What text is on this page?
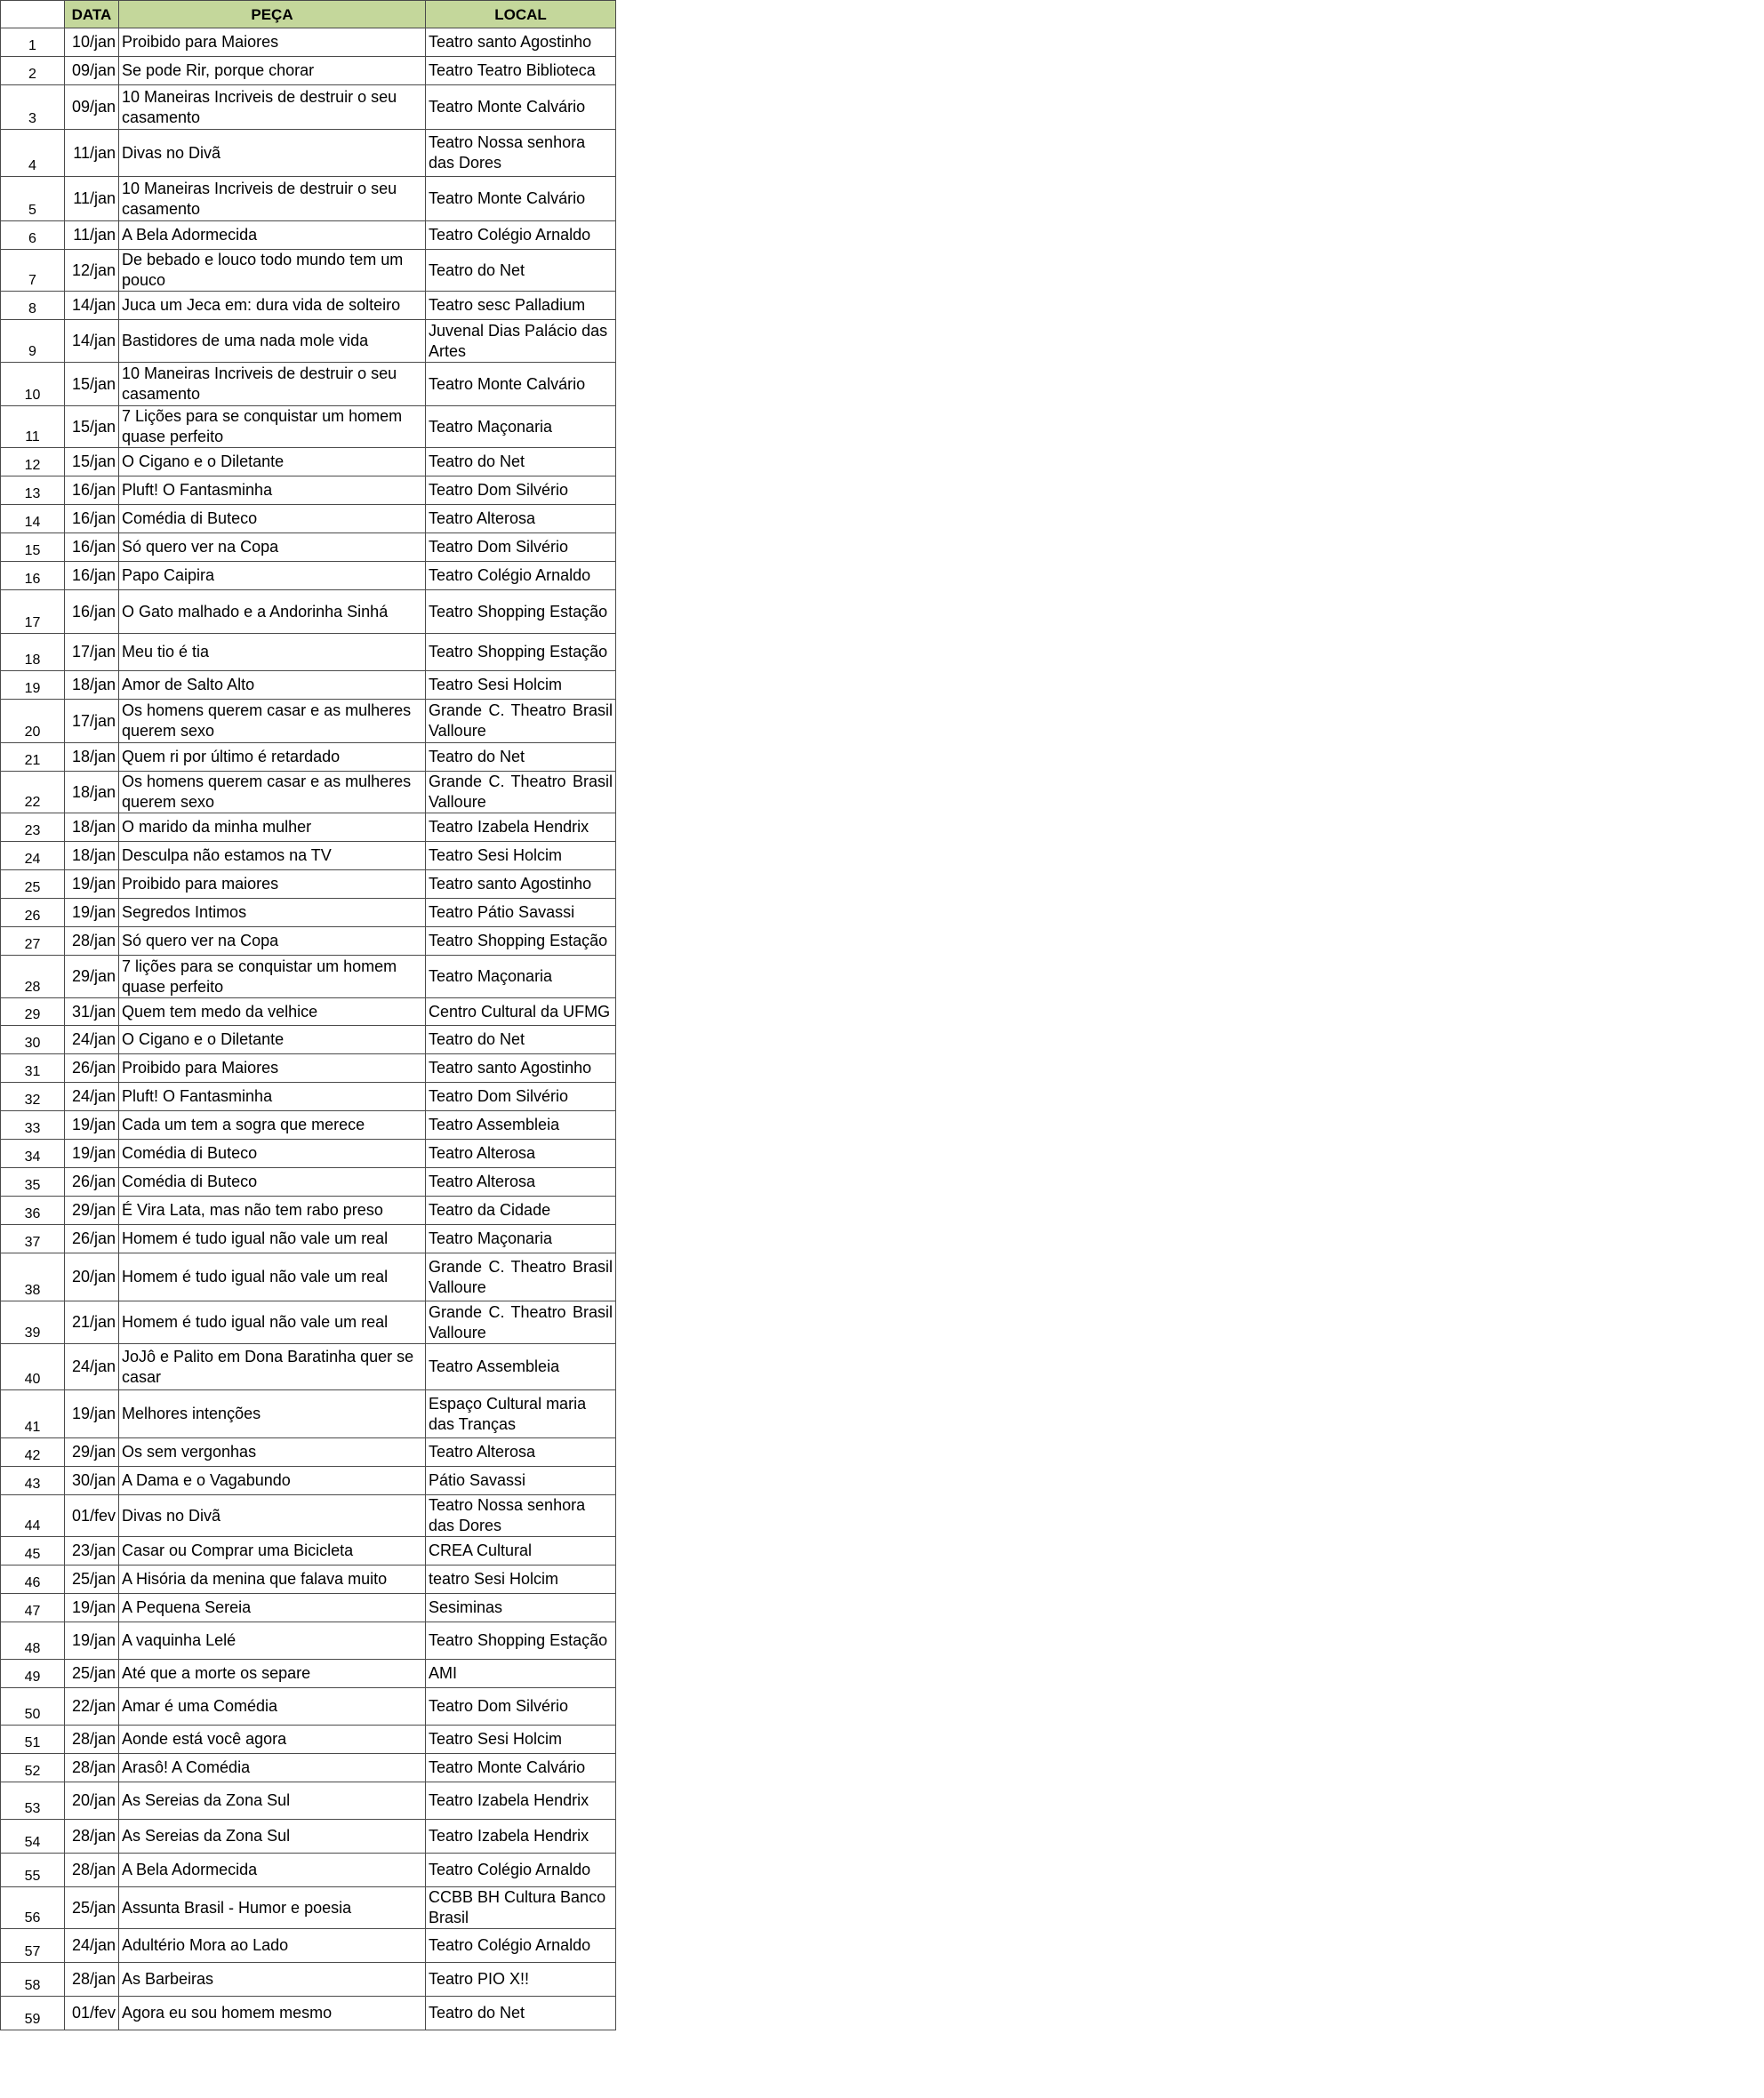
	DATA	PEÇA	LOCAL
1	10/jan	Proibido para Maiores	Teatro santo Agostinho
2	09/jan	Se pode Rir, porque chorar	Teatro Teatro Biblioteca
3	09/jan	10 Maneiras Incriveis de destruir o seu casamento	Teatro Monte Calvário
4	11/jan	Divas no Divã	Teatro Nossa senhora das Dores
5	11/jan	10 Maneiras Incriveis de destruir o seu casamento	Teatro Monte Calvário
6	11/jan	A Bela Adormecida	Teatro Colégio Arnaldo
7	12/jan	De bebado e louco todo mundo tem um pouco	Teatro do Net
8	14/jan	Juca um Jeca em: dura vida de solteiro	Teatro sesc Palladium
9	14/jan	Bastidores de uma nada mole vida	Juvenal Dias Palácio das Artes
10	15/jan	10 Maneiras Incriveis de destruir o seu casamento	Teatro Monte Calvário
11	15/jan	7 Lições para se conquistar um homem quase perfeito	Teatro Maçonaria
12	15/jan	O Cigano e o Diletante	Teatro do Net
13	16/jan	Pluft! O Fantasminha	Teatro Dom Silvério
14	16/jan	Comédia di Buteco	Teatro Alterosa
15	16/jan	Só quero ver na Copa	Teatro Dom Silvério
16	16/jan	Papo Caipira	Teatro Colégio Arnaldo
17	16/jan	O Gato malhado e a Andorinha Sinhá	Teatro Shopping Estação
18	17/jan	Meu tio é tia	Teatro Shopping Estação
19	18/jan	Amor de Salto Alto	Teatro Sesi Holcim
20	17/jan	Os homens querem casar e as mulheres querem sexo	Grande C. Theatro Brasil Valloure
21	18/jan	Quem ri por último é retardado	Teatro do Net
22	18/jan	Os homens querem casar e as mulheres querem sexo	Grande C. Theatro Brasil Vallourе
23	18/jan	O marido da minha mulher	Teatro Izabela Hendrix
24	18/jan	Desculpa não estamos na TV	Teatro Sesi Holcim
25	19/jan	Proibido para maiores	Teatro santo Agostinho
26	19/jan	Segredos Intimos	Teatro Pátio Savassi
27	28/jan	Só quero ver na Copa	Teatro Shopping Estação
28	29/jan	7 lições para se conquistar um homem quase perfeito	Teatro Maçonaria
29	31/jan	Quem tem medo da velhice	Centro Cultural da UFMG
30	24/jan	O Cigano e o Diletante	Teatro do Net
31	26/jan	Proibido para Maiores	Teatro santo Agostinho
32	24/jan	Pluft! O Fantasminha	Teatro Dom Silvério
33	19/jan	Cada um tem a sogra que merece	Teatro Assembleia
34	19/jan	Comédia di Buteco	Teatro Alterosa
35	26/jan	Comédia di Buteco	Teatro Alterosa
36	29/jan	É Vira Lata, mas não tem rabo preso	Teatro da Cidade
37	26/jan	Homem é tudo igual não vale um real	Teatro Maçonaria
38	20/jan	Homem é tudo igual não vale um real	Grande C. Theatro Brasil Vallourе
39	21/jan	Homem é tudo igual não vale um real	Grande C. Theatro Brasil Vallourе
40	24/jan	JoJô e Palito em Dona Baratinha quer se casar	Teatro Assembleia
41	19/jan	Melhores intenções	Espaço Cultural maria das Tranças
42	29/jan	Os sem vergonhas	Teatro Alterosa
43	30/jan	A Dama e o Vagabundo	Pátio Savassi
44	01/fev	Divas no Divã	Teatro Nossa senhora das Dores
45	23/jan	Casar ou Comprar uma Bicicleta	CREA Cultural
46	25/jan	A Hisória da menina que falava muito	teatro Sesi Holcim
47	19/jan	A Pequena Sereia	Sesiminas
48	19/jan	A vaquinha Lelé	Teatro Shopping Estação
49	25/jan	Até que a morte os separe	AMI
50	22/jan	Amar é uma Comédia	Teatro Dom Silvério
51	28/jan	Aonde está você agora	Teatro Sesi Holcim
52	28/jan	Arasô! A Comédia	Teatro Monte Calvário
53	20/jan	As Sereias da Zona Sul	Teatro Izabela Hendrix
54	28/jan	As Sereias da Zona Sul	Teatro Izabela Hendrix
55	28/jan	A Bela Adormecida	Teatro Colégio Arnaldo
56	25/jan	Assunta Brasil - Humor e poesia	CCBB BH Cultura Banco Brasil
57	24/jan	Adultério Mora ao Lado	Teatro Colégio Arnaldo
58	28/jan	As Barbeiras	Teatro PIO X!!
59	01/fev	Agora eu sou homem mesmo	Teatro do Net
